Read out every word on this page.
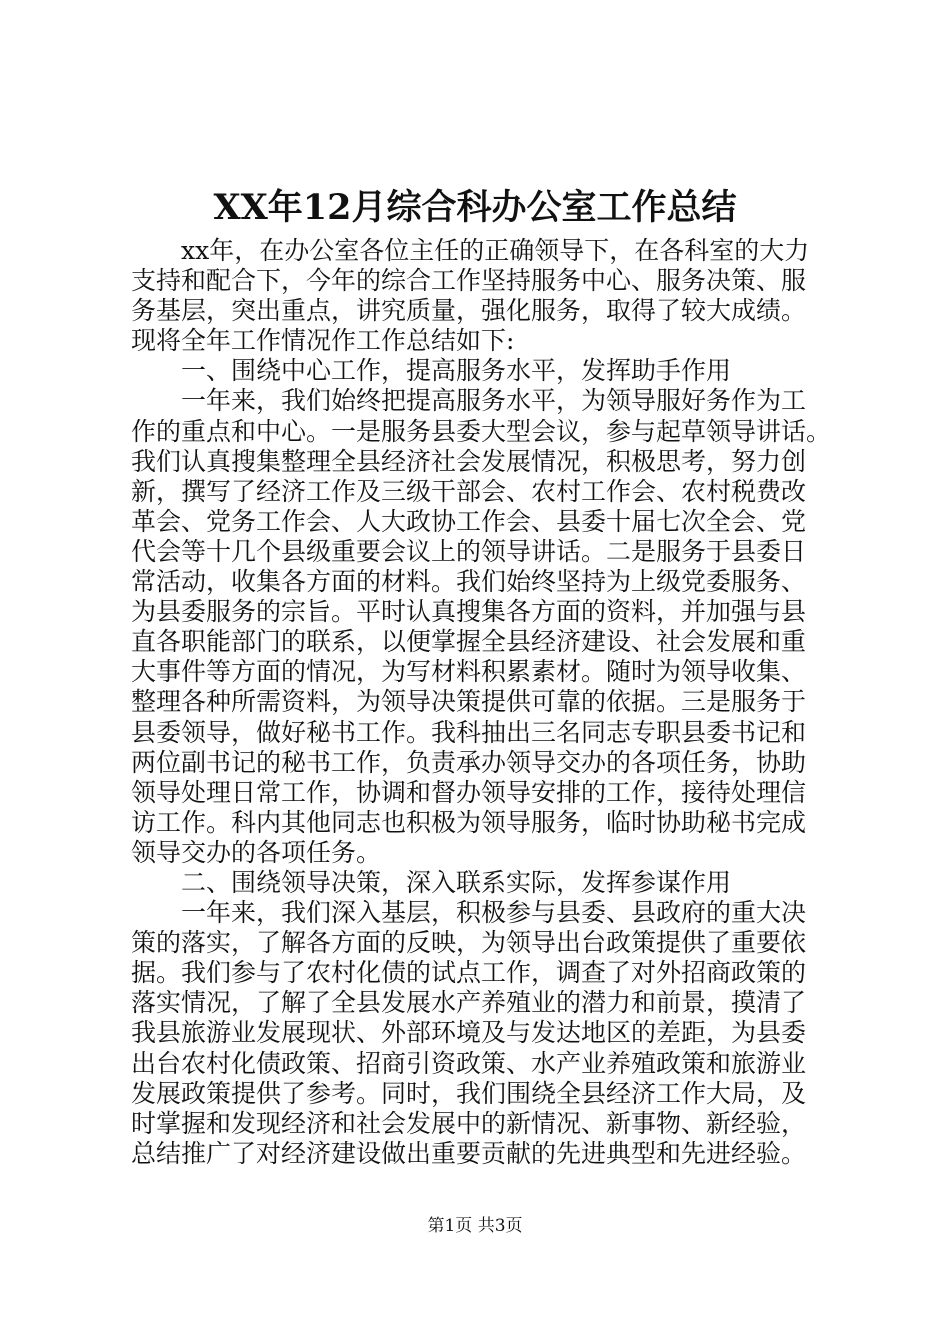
XX年12月综合科办公室工作总结
xx年，在办公室各位主任的正确领导下，在各科室的大力
支持和配合下，今年的综合工作坚持服务中心、服务决策、服
务基层，突出重点，讲究质量，强化服务，取得了较大成绩。
现将全年工作情况作工作总结如下:
一、围绕中心工作，提高服务水平，发挥助手作用
一年来，我们始终把提高服务水平，为领导服好务作为工
作的重点和中心。一是服务县委大型会议，参与起草领导讲话。
我们认真搜集整理全县经济社会发展情况，积极思考，努力创
新，撰写了经济工作及三级干部会、农村工作会、农村税费改
革会、党务工作会、人大政协工作会、县委十届七次全会、党
代会等十几个县级重要会议上的领导讲话。二是服务于县委日
常活动，收集各方面的材料。我们始终坚持为上级党委服务、
为县委服务的宗旨。平时认真搜集各方面的资料，并加强与县
直各职能部门的联系，以便掌握全县经济建设、社会发展和重
大事件等方面的情况，为写材料积累素材。随时为领导收集、
整理各种所需资料，为领导决策提供可靠的依据。三是服务于
县委领导，做好秘书工作。我科抽出三名同志专职县委书记和
两位副书记的秘书工作，负责承办领导交办的各项任务，协助
领导处理日常工作，协调和督办领导安排的工作，接待处理信
访工作。科内其他同志也积极为领导服务，临时协助秘书完成
领导交办的各项任务。
二、围绕领导决策，深入联系实际，发挥参谋作用
一年来，我们深入基层，积极参与县委、县政府的重大决
策的落实，了解各方面的反映，为领导出台政策提供了重要依
据。我们参与了农村化债的试点工作，调查了对外招商政策的
落实情况，了解了全县发展水产养殖业的潜力和前景，摸清了
我县旅游业发展现状、外部环境及与发达地区的差距，为县委
出台农村化债政策、招商引资政策、水产业养殖政策和旅游业
发展政策提供了参考。同时，我们围绕全县经济工作大局，及
时掌握和发现经济和社会发展中的新情况、新事物、新经验，
总结推广了对经济建设做出重要贡献的先进典型和先进经验。
第1页 共3页
